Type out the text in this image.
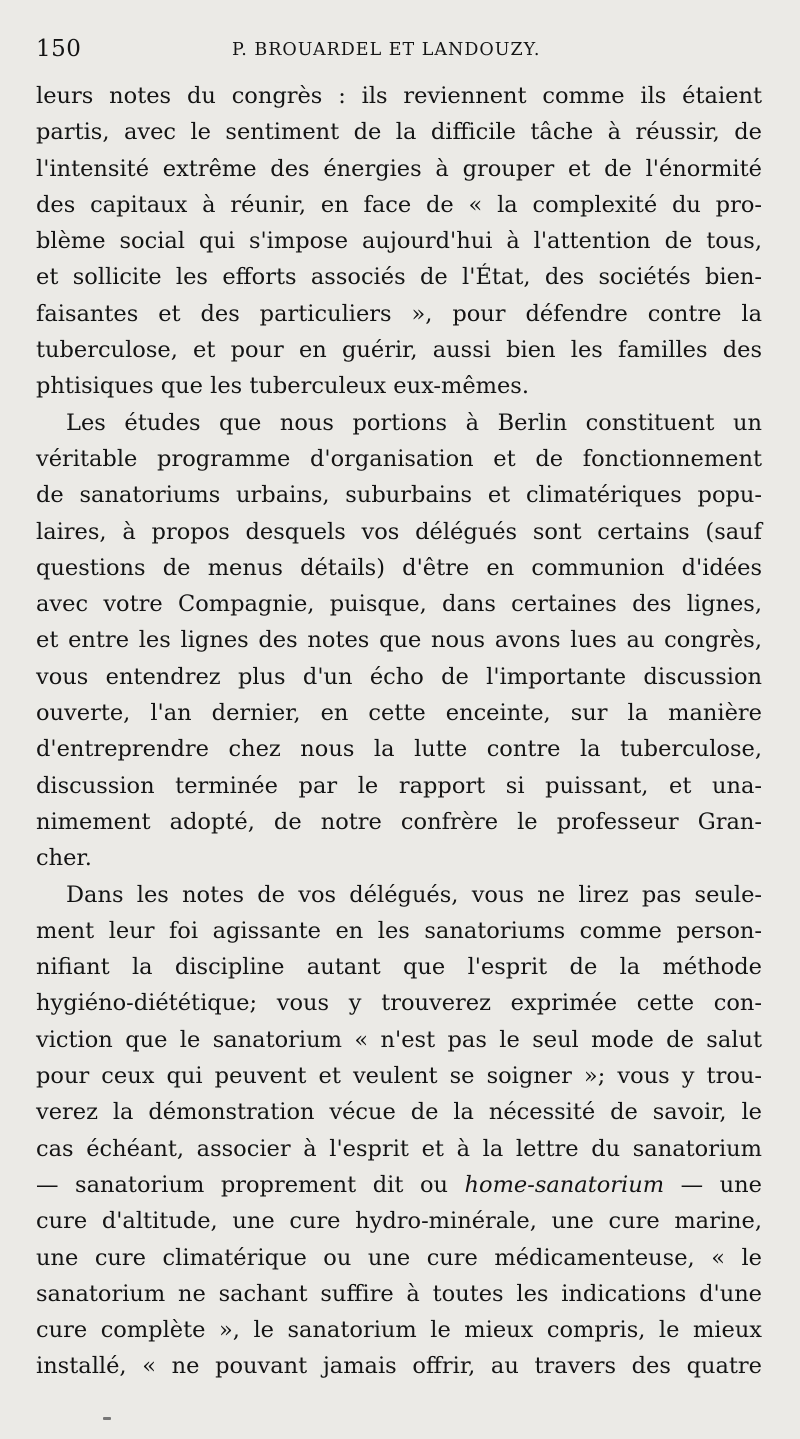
150	P. BROUARDEL ET LANDOUZY.
leurs notes du congrès : ils reviennent comme ils étaient
partis, avec le sentiment de la difficile tâche à réussir, de
l'intensité extrême des énergies à grouper et de l'énormité
des capitaux à réunir, en face de « la complexité du pro-
blème social qui s'impose aujourd'hui à l'attention de tous,
et sollicite les efforts associés de l'État, des sociétés bien-
faisantes et des particuliers », pour défendre contre la
tuberculose, et pour en guérir, aussi bien les familles des
phtisiques que les tuberculeux eux-mêmes.
Les études que nous portions à Berlin constituent un
véritable programme d'organisation et de fonctionnement
de sanatoriums urbains, suburbains et climatériques popu-
laires, à propos desquels vos délégués sont certains (sauf
questions de menus détails) d'être en communion d'idées
avec votre Compagnie, puisque, dans certaines des lignes,
et entre les lignes des notes que nous avons lues au congrès,
vous entendrez plus d'un écho de l'importante discussion
ouverte, l'an dernier, en cette enceinte, sur la manière
d'entreprendre chez nous la lutte contre la tuberculose,
discussion terminée par le rapport si puissant, et una-
nimement adopté, de notre confrère le professeur Gran-
cher.
Dans les notes de vos délégués, vous ne lirez pas seule-
ment leur foi agissante en les sanatoriums comme person-
nifiant la discipline autant que l'esprit de la méthode
hygiéno-diététique; vous y trouverez exprimée cette con-
viction que le sanatorium « n'est pas le seul mode de salut
pour ceux qui peuvent et veulent se soigner »; vous y trou-
verez la démonstration vécue de la nécessité de savoir, le
cas échéant, associer à l'esprit et à la lettre du sanatorium
— sanatorium proprement dit ou home-sanatorium — une
cure d'altitude, une cure hydro-minérale, une cure marine,
une cure climatérique ou une cure médicamenteuse, « le
sanatorium ne sachant suffire à toutes les indications d'une
cure complète », le sanatorium le mieux compris, le mieux
installé, « ne pouvant jamais offrir, au travers des quatre
